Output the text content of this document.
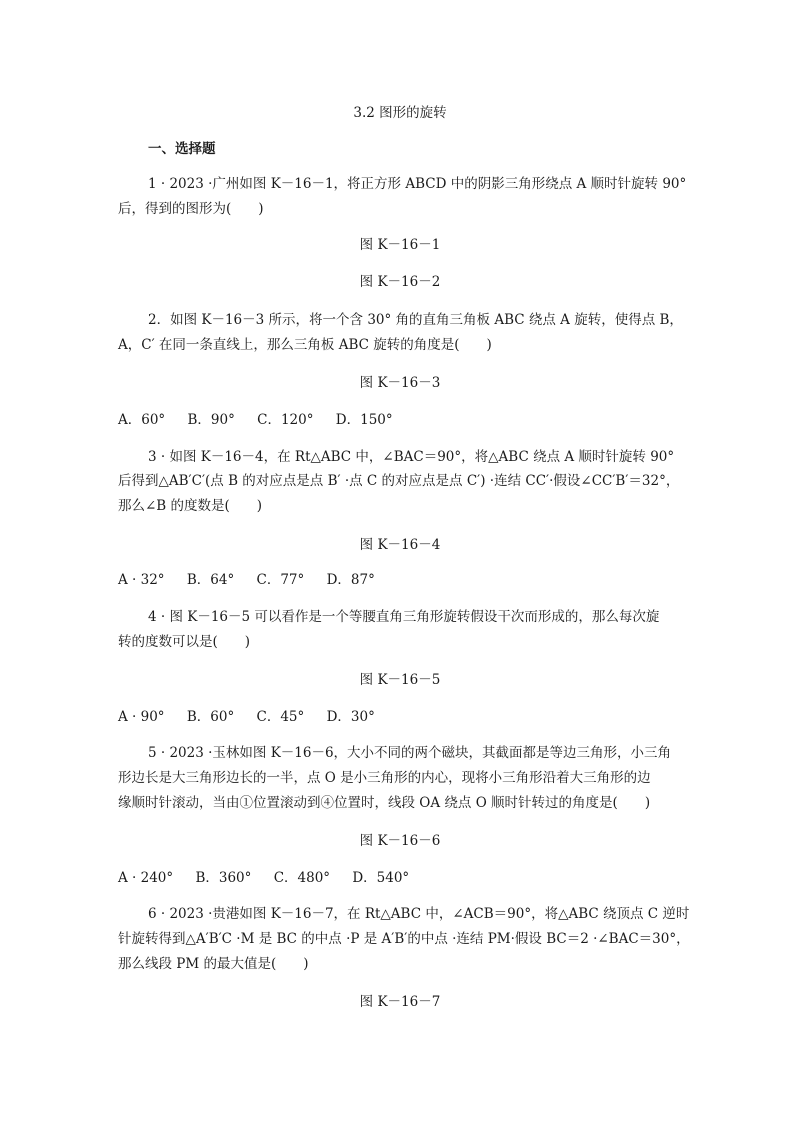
3.2 图形的旋转
一、选择题
1 · 2023 ·广州如图 K－16－1，将正方形 ABCD 中的阴影三角形绕点 A 顺时针旋转 90°
后，得到的图形为(　　)
图 K－16－1
图 K－16－2
2．如图 K－16－3 所示，将一个含 30° 角的直角三角板 ABC 绕点 A 旋转，使得点 B，
A，C′ 在同一条直线上，那么三角板 ABC 旋转的角度是(　　)
图 K－16－3
A．60° B．90° C．120° D．150°
3 · 如图 K－16－4，在 Rt△ABC 中，∠BAC＝90°，将△ABC 绕点 A 顺时针旋转 90°
后得到△AB′C′(点 B 的对应点是点 B′ ·点 C 的对应点是点 C′) ·连结 CC′·假设∠CC′B′＝32°，
那么∠B 的度数是(　　)
图 K－16－4
A · 32° B．64° C．77° D．87°
4 · 图 K－16－5 可以看作是一个等腰直角三角形旋转假设干次而形成的，那么每次旋
转的度数可以是(　　)
图 K－16－5
A · 90° B．60° C．45° D．30°
5 · 2023 ·玉林如图 K－16－6，大小不同的两个磁块，其截面都是等边三角形，小三角
形边长是大三角形边长的一半，点 O 是小三角形的内心，现将小三角形沿着大三角形的边
缘顺时针滚动，当由①位置滚动到④位置时，线段 OA 绕点 O 顺时针转过的角度是(　　)
图 K－16－6
A · 240° B．360° C．480° D．540°
6 · 2023 ·贵港如图 K－16－7，在 Rt△ABC 中，∠ACB＝90°，将△ABC 绕顶点 C 逆时
针旋转得到△A′B′C ·M 是 BC 的中点 ·P 是 A′B′的中点 ·连结 PM·假设 BC＝2 ·∠BAC＝30°，
那么线段 PM 的最大值是(　　)
图 K－16－7
